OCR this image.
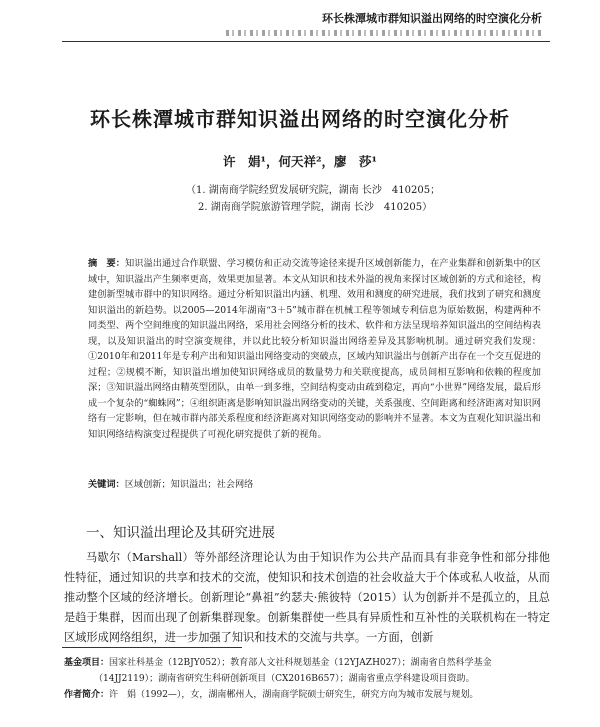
环长株潭城市群知识溢出网络的时空演化分析
环长株潭城市群知识溢出网络的时空演化分析
许　娟¹，何天祥²，廖　莎¹
（1. 湖南商学院经贸发展研究院，湖南 长沙　410205；
2. 湖南商学院旅游管理学院，湖南 长沙　410205）
摘　要：知识溢出通过合作联盟、学习模仿和正动交流等途径来提升区域创新能力，在产业集群和创新集中的区域中，知识溢出产生频率更高，效果更加显著。本文从知识和技术外溢的视角来探讨区域创新的方式和途径，构建创新型城市群中的知识网络。通过分析知识溢出内涵、机理、效用和测度的研究进展，我们找到了研究和测度知识溢出的新趋势。以2005—2014年湖南“3＋5”城市群在机械工程等领域专利信息为原始数据，构建两种不同类型、两个空间维度的知识溢出网络，采用社会网络分析的技术、软件和方法呈现培养知识溢出的空间结构表现，以及知识溢出的时空演变规律，并以此比较分析知识溢出网络差异及其影响机制。通过研究我们发现：①2010年和2011年是专利产出和知识溢出网络变动的突破点，区域内知识溢出与创新产出存在一个交互促进的过程；②规模不断，知识溢出增加使知识网络成员的数量势力和关联度提高，成员间相互影响和依赖的程度加深；③知识溢出网络由精英型团队，由单一到多维，空间结构变动由疏到稳定，再向“小世界”网络发展，最后形成一个复杂的“蜘蛛网”；④组织距离是影响知识溢出网络变动的关键，关系强度、空间距离和经济距离对知识网络有一定影响，但在城市群内部关系程度和经济距离对知识网络变动的影响并不显著。本文为直观化知识溢出和知识网络结构演变过程提供了可视化研究提供了新的视角。
关键词：区域创新；知识溢出；社会网络
一、知识溢出理论及其研究进展
马歇尔（Marshall）等外部经济理论认为由于知识作为公共产品而具有非竞争性和部分排他性特征，通过知识的共享和技术的交流，使知识和技术创造的社会收益大于个体或私人收益，从而推动整个区域的经济增长。创新理论“鼻祖”约瑟夫·熊彼特（2015）认为创新并不是孤立的，且总是趋于集群，因而出现了创新集群现象。创新集群使一些具有异质性和互补性的关联机构在一特定区域形成网络组织，进一步加强了知识和技术的交流与共享。一方面，创新
基金项目：国家社科基金（12BJY052）；教育部人文社科规划基金（12YJAZH027）；湖南省自然科学基金
（14JJ2119）；湖南省研究生科研创新项目（CX2016B657）；湖南省重点学科建设项目资助。
作者简介：许　娟（1992—），女，湖南郴州人，湖南商学院硕士研究生，研究方向为城市发展与规划。
